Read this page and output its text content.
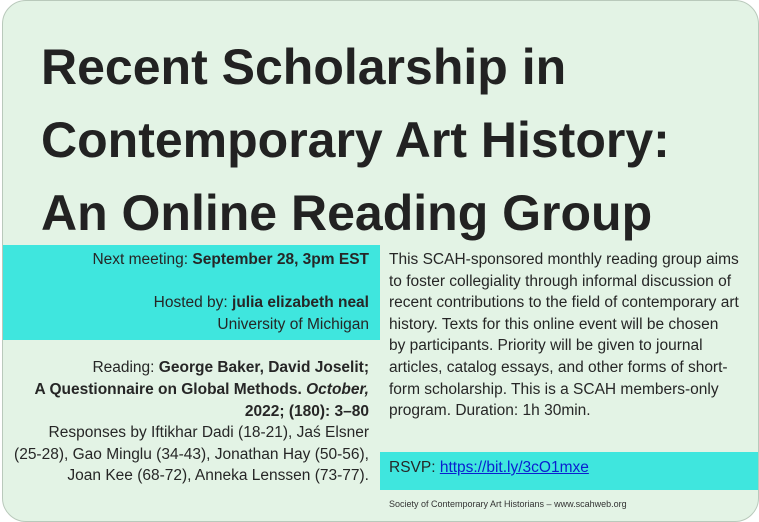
Recent Scholarship in
Contemporary Art History:
An Online Reading Group

Next meeting: September 28, 3pm EST

Hosted by: julia elizabeth neal

University of Michigan

Reading: George Baker, David Joselit;

A Questionnaire on Global Methods. October,

2022; (180): 3–80

Responses by Iftikhar Dadi (18-21), Jaś Elsner

(25-28), Gao Minglu (34-43), Jonathan Hay (50-56),

Joan Kee (68-72), Anneka Lenssen (73-77).

This SCAH-sponsored monthly reading group aims to foster collegiality through informal discussion of recent contributions to the field of contemporary art history. Texts for this online event will be chosen by participants. Priority will be given to journal articles, catalog essays, and other forms of short-form scholarship. This is a SCAH members-only program. Duration: 1h 30min.

RSVP: https://bit.ly/3cO1mxe
Society of Contemporary Art Historians – www.scahweb.org
